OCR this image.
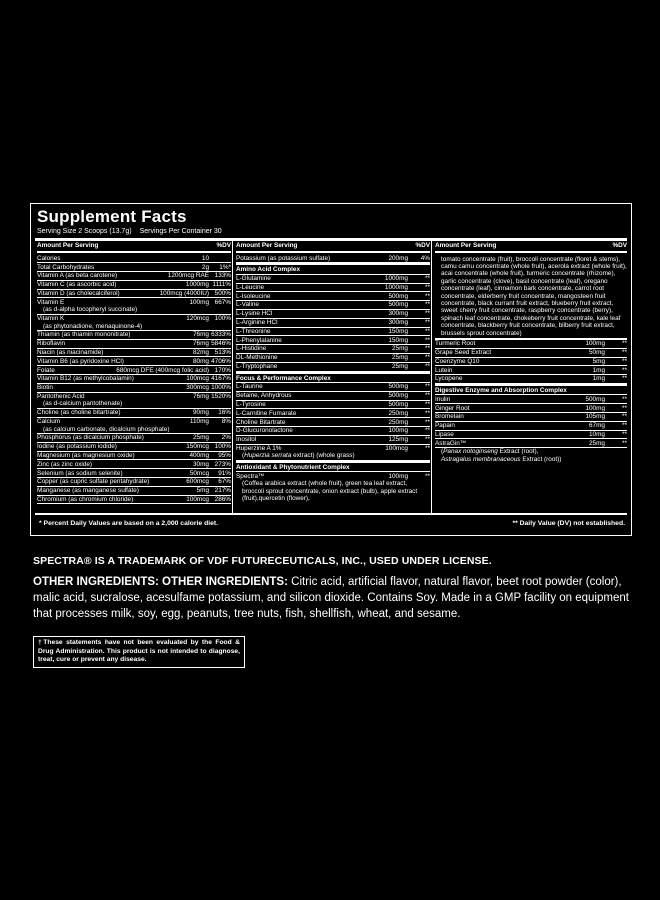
Supplement Facts
Serving Size 2 Scoops (13.7g) Servings Per Container 30
Amount Per Serving	%DV
Calories	10
Total Carbohydrates	2g	1%*
Vitamin A (as beta carotene)	1200mcg RAE 133%
Vitamin C (as ascorbic acid)	1000mg 1111%
Vitamin D (as cholecalciferol)	100mcg (4000IU) 500%
Vitamin E	100mg 667%
(as d-alpha tocopheryl succinate)
Vitamin K	120mcg 100%
(as phytonadione, menaquinone-4)
Thiamin (as thiamin mononitrate)	76mg 6333%
Riboflavin	76mg 5846%
Niacin (as niacinamide)	82mg 513%
Vitamin B6 (as pyridoxine HCl)	80mg 4706%
Folate	680mcg DFE (400mcg folic acid) 170%
Vitamin B12 (as methylcobalamin)	100mcg 4167%
Biotin	300mcg 1000%
Pantothenic Acid	76mg 1520%
(as d-calcium pantothenate)
Choline (as choline bitartrate)	90mg	16%
Calcium	110mg	8%
(as calcium carbonate, dicalcium phosphate)
Phosphorus (as dicalcium phosphate)	25mg	2%
Iodine (as potassium iodide)	150mcg 100%
Magnesium (as magnesium oxide)	400mg	95%
Zinc (as zinc oxide)	30mg 273%
Selenium (as sodium selenite)	50mcg	91%
Copper (as cupric sulfate pentahydrate)	600mcg	67%
Manganese (as manganese sulfate)	5mg 217%
Chromium (as chromium chloride)	100mcg 286%
Amount Per Serving	%DV
Potassium (as potassium sulfate)	200mg	4%
Amino Acid Complex
L-Glutamine	1000mg	**
L-Leucine	1000mg	**
L-Isoleucine	500mg	**
L-Valine	500mg	**
L-Lysine HCl	300mg	**
L-Arginine HCl	300mg	**
L-Threonine	150mg	**
L-Phenylalanine	150mg	**
L-Histidine	25mg	**
DL-Methionine	25mg	**
L-Tryptophane	25mg	**
Focus & Performance Complex
L-Taurine	500mg	**
Betaine, Anhydrous	500mg	**
L-Tyrosine	500mg	**
L-Carnitine Fumarate	250mg	**
Choline Bitartrate	250mg	**
D-Glucuronolactone	100mg	**
Inositol	125mg	**
Huperzine A 1%	100mcg	**
(Huperzia serrata extract) (whole grass)
Antioxidant & Phytonutrient Complex
Spectra™	100mg	**
(Coffea arabica extract (whole fruit), green tea leaf extract, broccoli sprout concentrate, onion extract (bulb), apple extract (fruit),quercetin (flower),
Amount Per Serving	%DV
tomato concentrate (fruit), broccoli concentrate (floret & stems), camu camu concentrate (whole fruit), acerola extract (whole fruit), acai concentrate (whole fruit), turmeric concentrate (rhizome), garlic concentrate (clove), basil concentrate (leaf), oregano concentrate (leaf), cinnamon bark concentrate, carrot root concentrate, elderberry fruit concentrate, mangosteen fruit concentrate, black currant fruit extract, blueberry fruit extract, sweet cherry fruit concentrate, raspberry concentrate (berry), spinach leaf concentrate, chokeberry fruit concentrate, kale leaf concentrate, blackberry fruit concentrate, bilberry fruit extract, brussels sprout concentrate)
Turmeric Root	100mg	**
Grape Seed Extract	50mg	**
Coenzyme Q10	5mg	**
Lutein	1mg	**
Lycopene	1mg	**
Digestive Enzyme and Absorption Complex
Inulin	500mg	**
Ginger Root	100mg	**
Bromelain	105mg	**
Papain	67mg	**
Lipase	10mg	**
AstraGin™	25mg	**
(Panax notoginseng Extract (root),
Astragalus membranaceous Extract (root))
* Percent Daily Values are based on a 2,000 calorie diet.	** Daily Value (DV) not established.
SPECTRA® IS A TRADEMARK OF VDF FUTURECEUTICALS, INC., USED UNDER LICENSE.
OTHER INGREDIENTS: OTHER INGREDIENTS: Citric acid, artificial flavor, natural flavor, beet root powder (color), malic acid, sucralose, acesulfame potassium, and silicon dioxide. Contains Soy. Made in a GMP facility on equipment that processes milk, soy, egg, peanuts, tree nuts, fish, shellfish, wheat, and sesame.
†These statements have not been evaluated by the Food & Drug Administration. This product is not intended to diagnose, treat, cure or prevent any disease.
